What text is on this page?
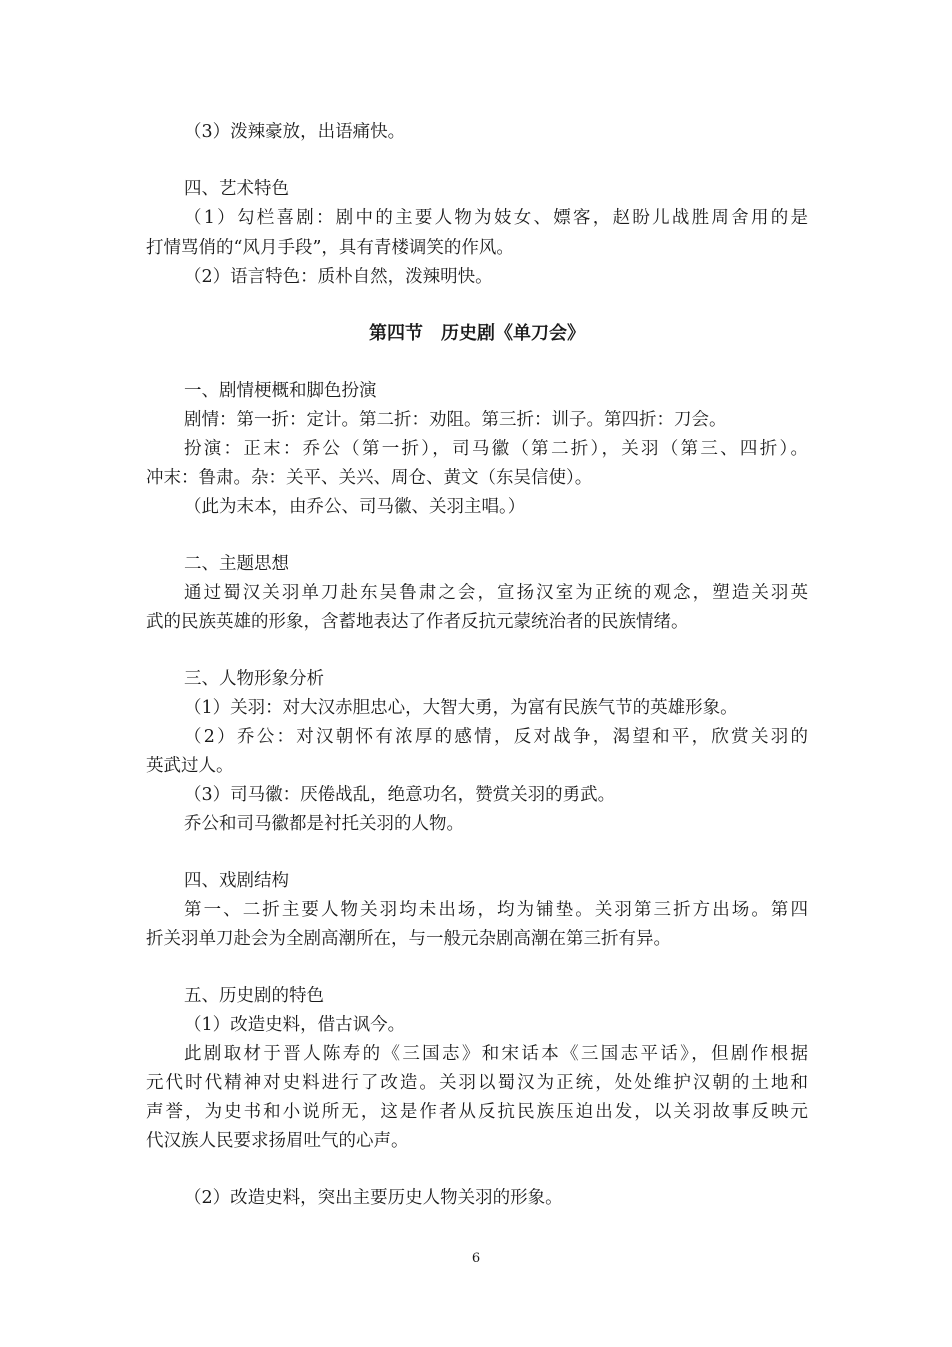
（3）泼辣豪放，出语痛快。
四、艺术特色
（1）勾栏喜剧：剧中的主要人物为妓女、嫖客，赵盼儿战胜周舍用的是
打情骂俏的“风月手段”，具有青楼调笑的作风。
（2）语言特色：质朴自然，泼辣明快。
第四节　历史剧《单刀会》
一、剧情梗概和脚色扮演
剧情：第一折：定计。第二折：劝阻。第三折：训子。第四折：刀会。
扮演：正末：乔公（第一折），司马徽（第二折），关羽（第三、四折）。
冲末：鲁肃。杂：关平、关兴、周仓、黄文（东吴信使）。
（此为末本，由乔公、司马徽、关羽主唱。）
二、主题思想
通过蜀汉关羽单刀赴东吴鲁肃之会，宣扬汉室为正统的观念，塑造关羽英
武的民族英雄的形象，含蓄地表达了作者反抗元蒙统治者的民族情绪。
三、人物形象分析
（1）关羽：对大汉赤胆忠心，大智大勇，为富有民族气节的英雄形象。
（2）乔公：对汉朝怀有浓厚的感情，反对战争，渴望和平，欣赏关羽的
英武过人。
（3）司马徽：厌倦战乱，绝意功名，赞赏关羽的勇武。
乔公和司马徽都是衬托关羽的人物。
四、戏剧结构
第一、二折主要人物关羽均未出场，均为铺垫。关羽第三折方出场。第四
折关羽单刀赴会为全剧高潮所在，与一般元杂剧高潮在第三折有异。
五、历史剧的特色
（1）改造史料，借古讽今。
此剧取材于晋人陈寿的《三国志》和宋话本《三国志平话》，但剧作根据
元代时代精神对史料进行了改造。关羽以蜀汉为正统，处处维护汉朝的土地和
声誉，为史书和小说所无，这是作者从反抗民族压迫出发，以关羽故事反映元
代汉族人民要求扬眉吐气的心声。
（2）改造史料，突出主要历史人物关羽的形象。
6
